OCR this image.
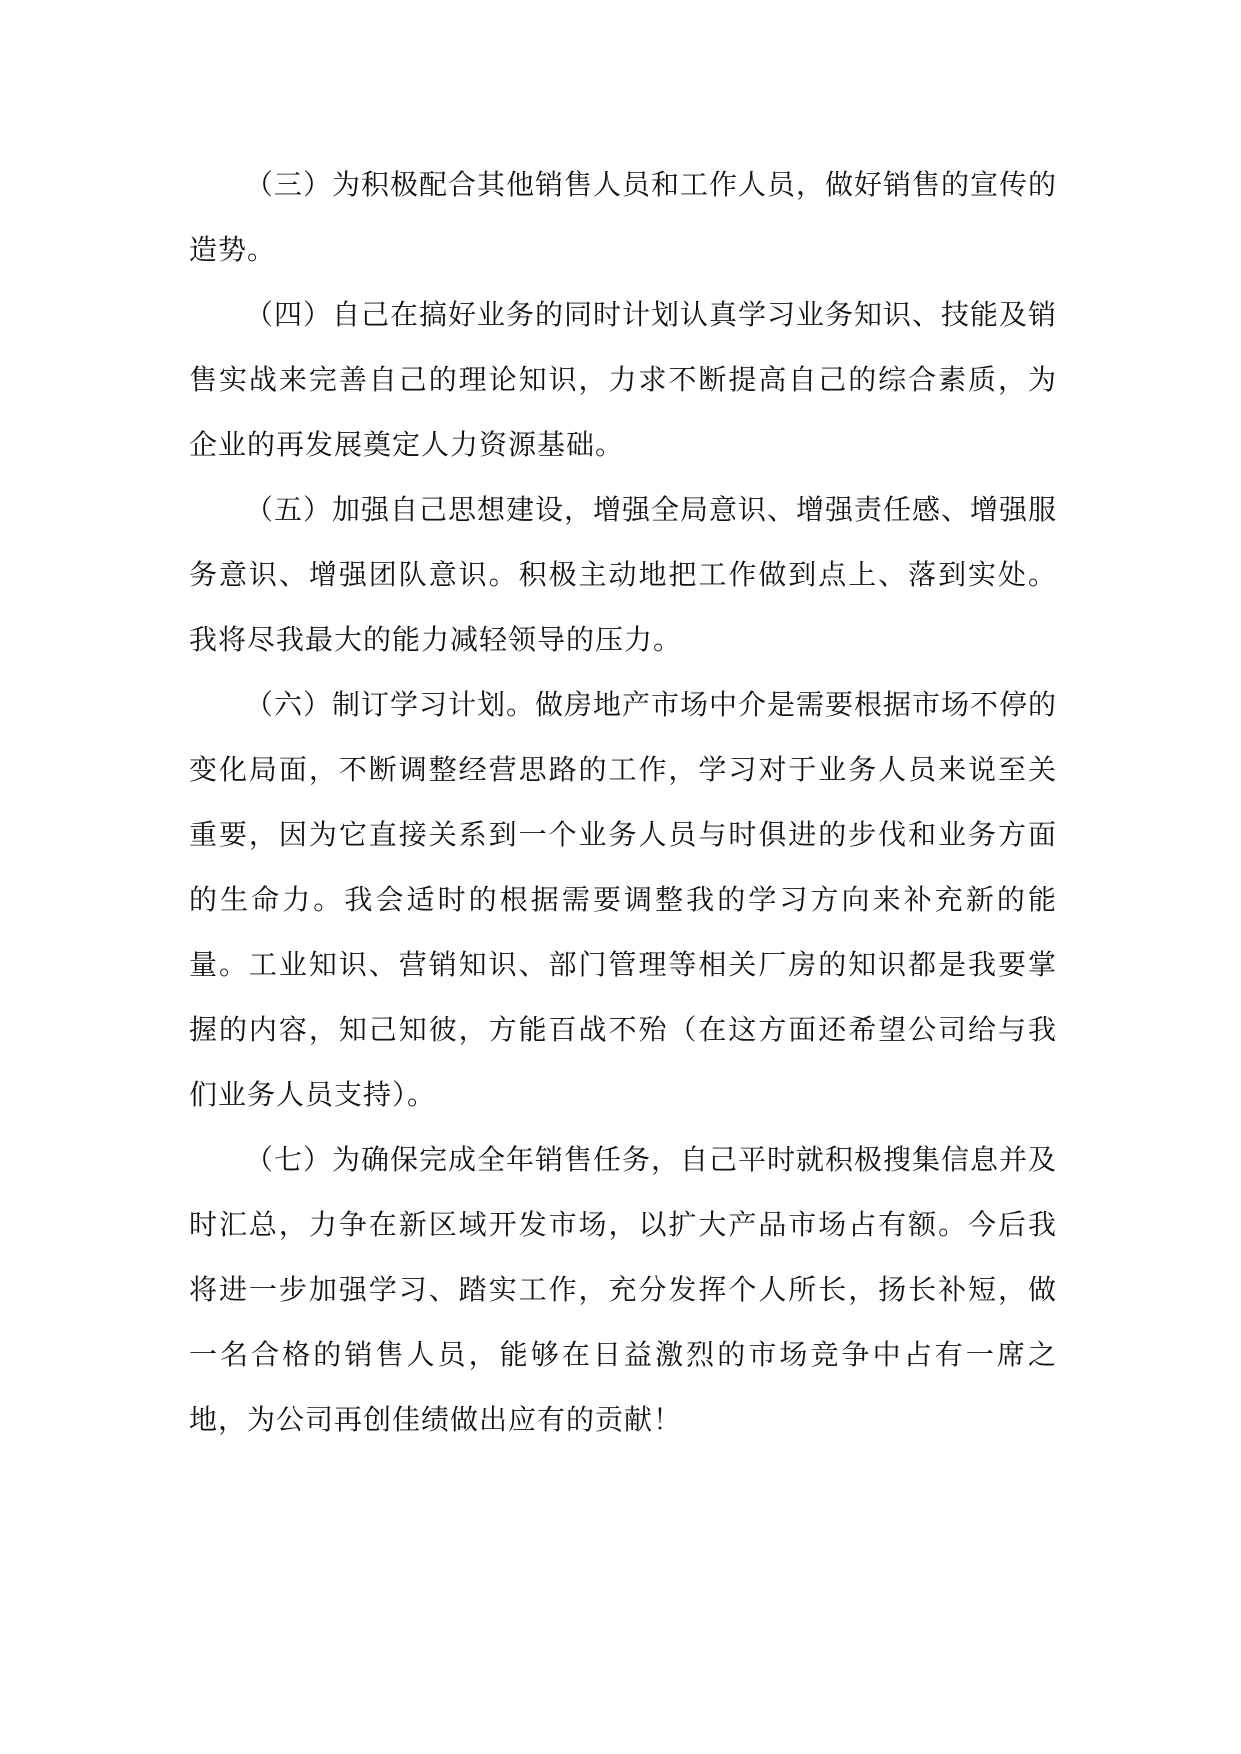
（三）为积极配合其他销售人员和工作人员，做好销售的宣传的造势。

（四）自己在搞好业务的同时计划认真学习业务知识、技能及销售实战来完善自己的理论知识，力求不断提高自己的综合素质，为企业的再发展奠定人力资源基础。

（五）加强自己思想建设，增强全局意识、增强责任感、增强服务意识、增强团队意识。积极主动地把工作做到点上、落到实处。我将尽我最大的能力减轻领导的压力。

（六）制订学习计划。做房地产市场中介是需要根据市场不停的变化局面，不断调整经营思路的工作，学习对于业务人员来说至关重要，因为它直接关系到一个业务人员与时俱进的步伐和业务方面的生命力。我会适时的根据需要调整我的学习方向来补充新的能量。工业知识、营销知识、部门管理等相关厂房的知识都是我要掌握的内容，知己知彼，方能百战不殆（在这方面还希望公司给与我们业务人员支持）。

（七）为确保完成全年销售任务，自己平时就积极搜集信息并及时汇总，力争在新区域开发市场，以扩大产品市场占有额。今后我将进一步加强学习、踏实工作，充分发挥个人所长，扬长补短，做一名合格的销售人员，能够在日益激烈的市场竞争中占有一席之地，为公司再创佳绩做出应有的贡献！
